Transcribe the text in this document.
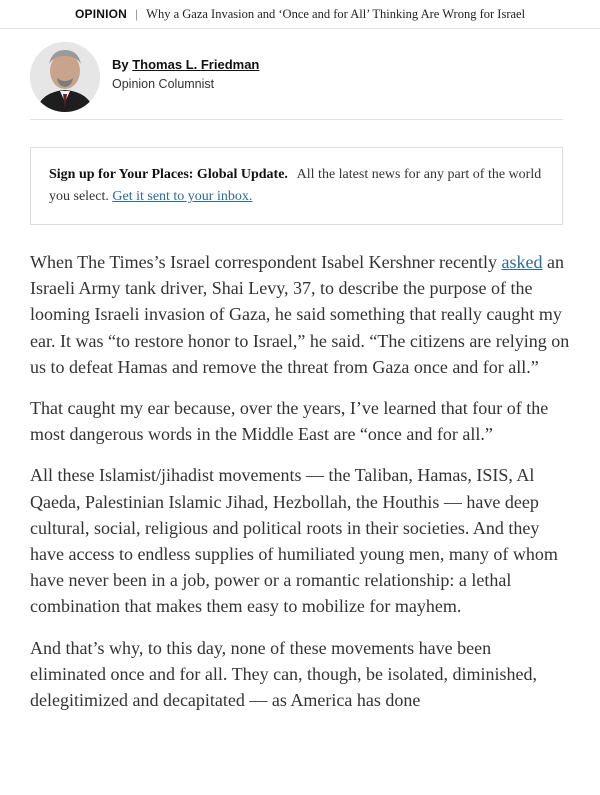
OPINION | Why a Gaza Invasion and ‘Once and for All’ Thinking Are Wrong for Israel
By Thomas L. Friedman
Opinion Columnist
Sign up for Your Places: Global Update. All the latest news for any part of the world you select. Get it sent to your inbox.

When The Times’s Israel correspondent Isabel Kershner recently asked an Israeli Army tank driver, Shai Levy, 37, to describe the purpose of the looming Israeli invasion of Gaza, he said something that really caught my ear. It was “to restore honor to Israel,” he said. “The citizens are relying on us to defeat Hamas and remove the threat from Gaza once and for all.”

That caught my ear because, over the years, I’ve learned that four of the most dangerous words in the Middle East are “once and for all.”

All these Islamist/jihadist movements — the Taliban, Hamas, ISIS, Al Qaeda, Palestinian Islamic Jihad, Hezbollah, the Houthis — have deep cultural, social, religious and political roots in their societies. And they have access to endless supplies of humiliated young men, many of whom have never been in a job, power or a romantic relationship: a lethal combination that makes them easy to mobilize for mayhem.

And that’s why, to this day, none of these movements have been eliminated once and for all. They can, though, be isolated, diminished, delegitimized and decapitated — as America has done
